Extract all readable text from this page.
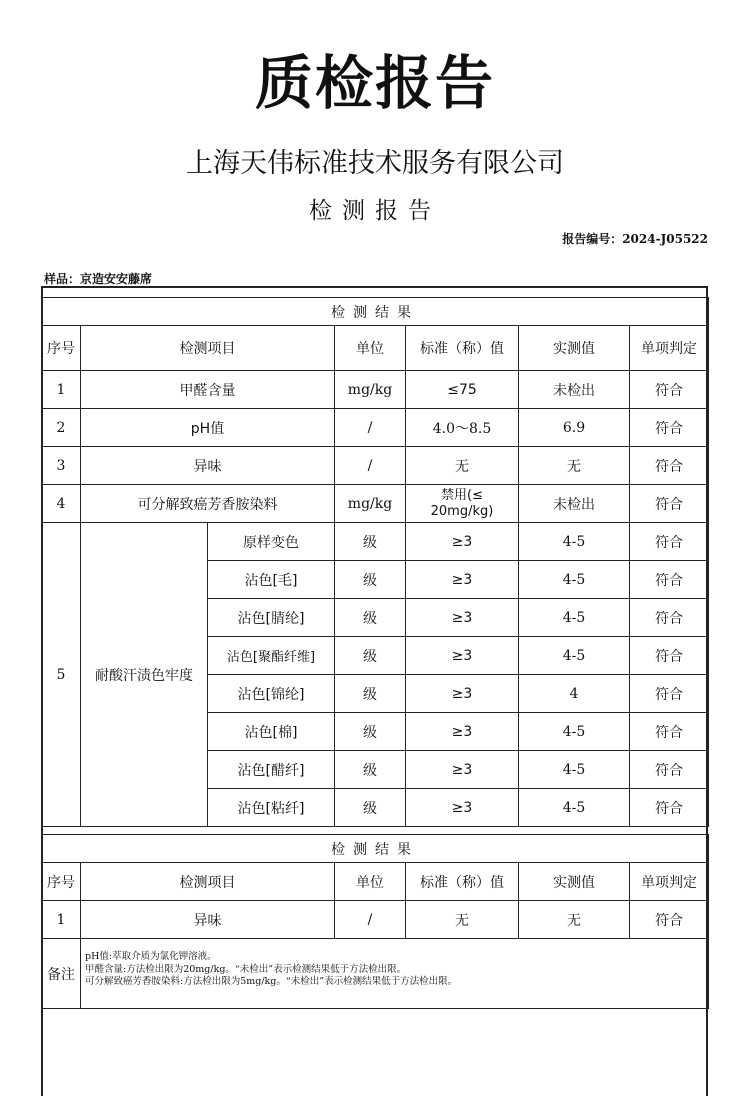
质检报告
上海天伟标准技术服务有限公司
检测报告
报告编号：2024-J05522
样品：京造安安藤席
检测结果						
序号	检测项目		单位	标准（称）值	实测值	单项判定
1	甲醛含量		mg/kg	≤75	未检出	符合
2	pH值		/	4.0～8.5	6.9	符合
3	异味		/	无	无	符合
4	可分解致癌芳香胺染料		mg/kg	禁用(≤ 20mg/kg)	未检出	符合
5	耐酸汗渍色牢度	原样变色	级	≥3	4-5	符合
		沾色[毛]	级	≥3	4-5	符合
		沾色[腈纶]	级	≥3	4-5	符合
		沾色[聚酯纤维]	级	≥3	4-5	符合
		沾色[锦纶]	级	≥3	4	符合
		沾色[棉]	级	≥3	4-5	符合
		沾色[醋纤]	级	≥3	4-5	符合
		沾色[粘纤]	级	≥3	4-5	符合
检测结果					
序号	检测项目	单位	标准（称）值	实测值	单项判定
1	异味	/	无	无	符合
备注	pH值:萃取介质为氯化钾溶液。
甲醛含量:方法检出限为20mg/kg。“未检出”表示检测结果低于方法检出限。
可分解致癌芳香胺染料:方法检出限为5mg/kg。“未检出”表示检测结果低于方法检出限。				
